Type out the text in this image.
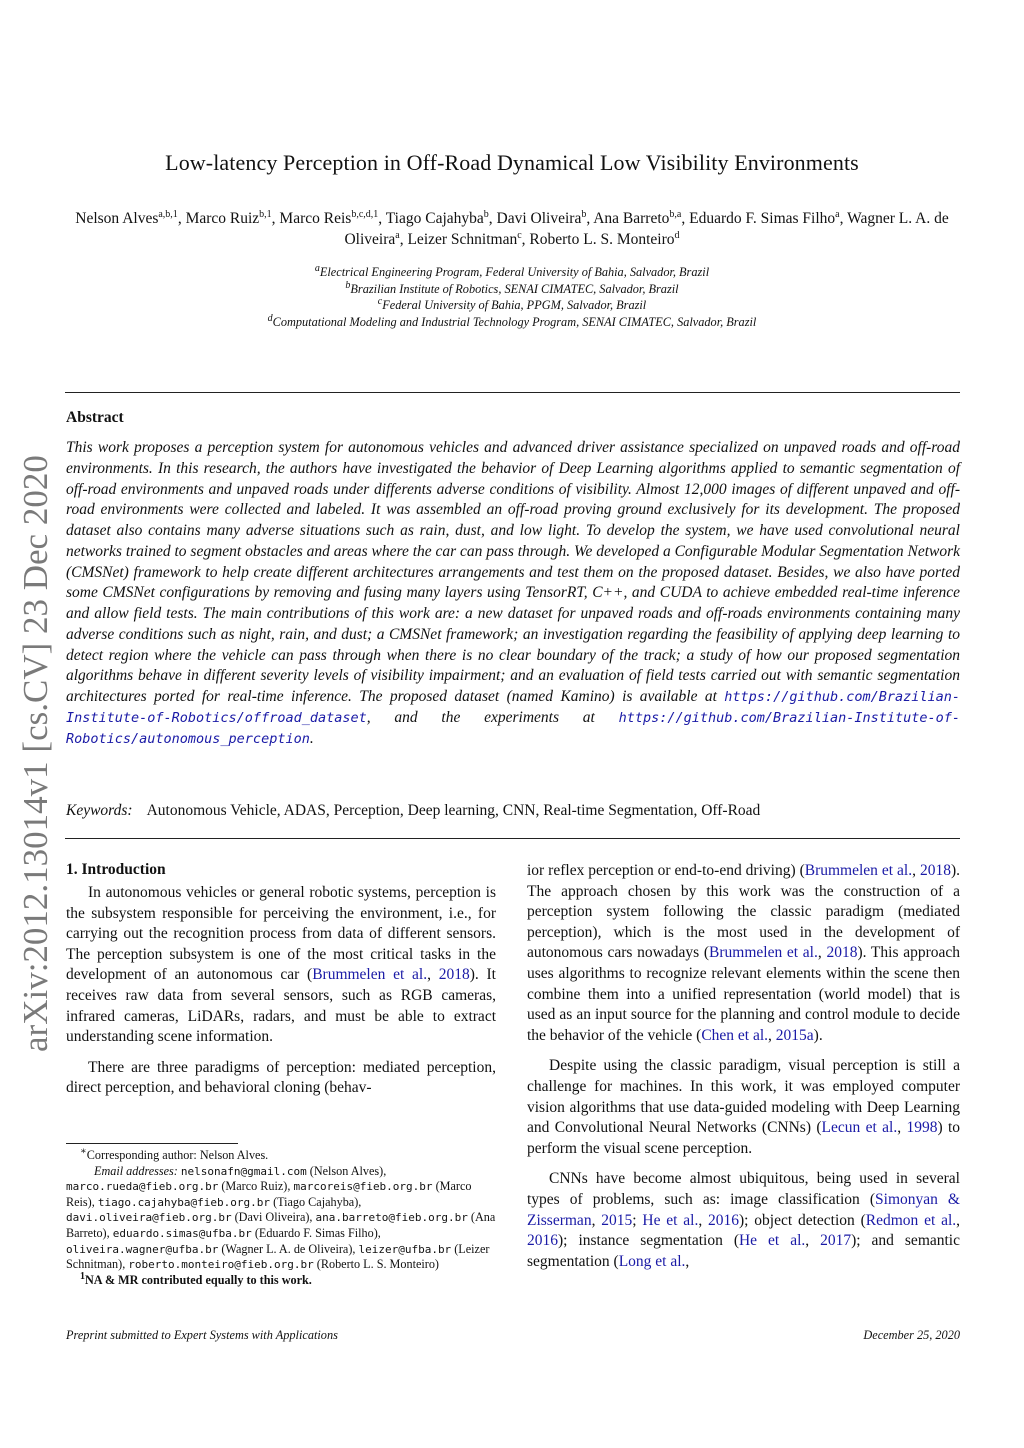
arXiv:2012.13014v1 [cs.CV] 23 Dec 2020
Low-latency Perception in Off-Road Dynamical Low Visibility Environments
Nelson Alves$^{a,b,1}$, Marco Ruiz$^{b,1}$, Marco Reis$^{b,c,d,1}$, Tiago Cajahyba$^b$, Davi Oliveira$^b$, Ana Barreto$^{b,a}$, Eduardo F. Simas Filho$^a$, Wagner L. A. de Oliveira$^a$, Leizer Schnitman$^c$, Roberto L. S. Monteiro$^d$
$^a$Electrical Engineering Program, Federal University of Bahia, Salvador, Brazil
$^b$Brazilian Institute of Robotics, SENAI CIMATEC, Salvador, Brazil
$^c$Federal University of Bahia, PPGM, Salvador, Brazil
$^d$Computational Modeling and Industrial Technology Program, SENAI CIMATEC, Salvador, Brazil
Abstract
This work proposes a perception system for autonomous vehicles and advanced driver assistance specialized on unpaved roads and off-road environments. In this research, the authors have investigated the behavior of Deep Learning algorithms applied to semantic segmentation of off-road environments and unpaved roads under differents adverse conditions of visibility. Almost 12,000 images of different unpaved and off-road environments were collected and labeled. It was assembled an off-road proving ground exclusively for its development. The proposed dataset also contains many adverse situations such as rain, dust, and low light. To develop the system, we have used convolutional neural networks trained to segment obstacles and areas where the car can pass through. We developed a Configurable Modular Segmentation Network (CMSNet) framework to help create different architectures arrangements and test them on the proposed dataset. Besides, we also have ported some CMSNet configurations by removing and fusing many layers using TensorRT, C++, and CUDA to achieve embedded real-time inference and allow field tests. The main contributions of this work are: a new dataset for unpaved roads and off-roads environments containing many adverse conditions such as night, rain, and dust; a CMSNet framework; an investigation regarding the feasibility of applying deep learning to detect region where the vehicle can pass through when there is no clear boundary of the track; a study of how our proposed segmentation algorithms behave in different severity levels of visibility impairment; and an evaluation of field tests carried out with semantic segmentation architectures ported for real-time inference. The proposed dataset (named Kamino) is available at https://github.com/Brazilian-Institute-of-Robotics/offroad_dataset, and the experiments at https://github.com/Brazilian-Institute-of-Robotics/autonomous_perception.
Keywords: Autonomous Vehicle, ADAS, Perception, Deep learning, CNN, Real-time Segmentation, Off-Road
1. Introduction

In autonomous vehicles or general robotic systems, perception is the subsystem responsible for perceiving the environment, i.e., for carrying out the recognition process from data of different sensors. The perception subsystem is one of the most critical tasks in the development of an autonomous car (Brummelen et al., 2018). It receives raw data from several sensors, such as RGB cameras, infrared cameras, LiDARs, radars, and must be able to extract understanding scene information.

There are three paradigms of perception: mediated perception, direct perception, and behavioral cloning (behav-

ior reflex perception or end-to-end driving) (Brummelen et al., 2018). The approach chosen by this work was the construction of a perception system following the classic paradigm (mediated perception), which is the most used in the development of autonomous cars nowadays (Brummelen et al., 2018). This approach uses algorithms to recognize relevant elements within the scene then combine them into a unified representation (world model) that is used as an input source for the planning and control module to decide the behavior of the vehicle (Chen et al., 2015a).

Despite using the classic paradigm, visual perception is still a challenge for machines. In this work, it was employed computer vision algorithms that use data-guided modeling with Deep Learning and Convolutional Neural Networks (CNNs) (Lecun et al., 1998) to perform the visual scene perception.

CNNs have become almost ubiquitous, being used in several types of problems, such as: image classification (Simonyan & Zisserman, 2015; He et al., 2016); object detection (Redmon et al., 2016); instance segmentation (He et al., 2017); and semantic segmentation (Long et al.,

∗Corresponding author: Nelson Alves.
Email addresses: nelsonafn@gmail.com (Nelson Alves), marco.rueda@fieb.org.br (Marco Ruiz), marcoreis@fieb.org.br (Marco Reis), tiago.cajahyba@fieb.org.br (Tiago Cajahyba), davi.oliveira@fieb.org.br (Davi Oliveira), ana.barreto@fieb.org.br (Ana Barreto), eduardo.simas@ufba.br (Eduardo F. Simas Filho), oliveira.wagner@ufba.br (Wagner L. A. de Oliveira), leizer@ufba.br (Leizer Schnitman), roberto.monteiro@fieb.org.br (Roberto L. S. Monteiro)
$^1$NA & MR contributed equally to this work.
Preprint submitted to Expert Systems with Applications	December 25, 2020
